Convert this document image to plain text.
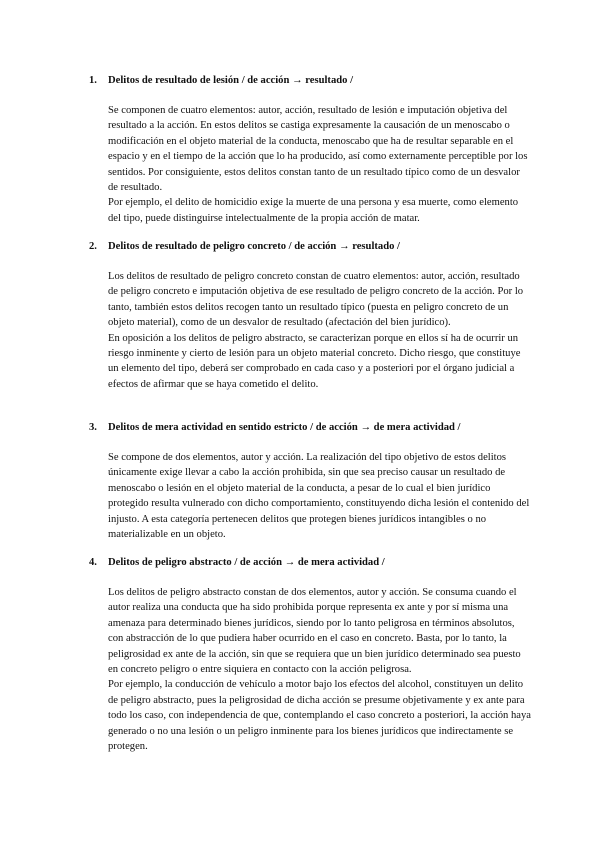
1.	Delitos de resultado de lesión / de acción → resultado /

Se componen de cuatro elementos: autor, acción, resultado de lesión e imputación objetiva del resultado a la acción. En estos delitos se castiga expresamente la causación de un menoscabo o modificación en el objeto material de la conducta, menoscabo que ha de resultar separable en el espacio y en el tiempo de la acción que lo ha producido, así como externamente perceptible por los sentidos. Por consiguiente, estos delitos constan tanto de un resultado típico como de un desvalor de resultado.

Por ejemplo, el delito de homicidio exige la muerte de una persona y esa muerte, como elemento del tipo, puede distinguirse intelectualmente de la propia acción de matar.

2.	Delitos de resultado de peligro concreto / de acción → resultado /

Los delitos de resultado de peligro concreto constan de cuatro elementos: autor, acción, resultado de peligro concreto e imputación objetiva de ese resultado de peligro concreto de la acción. Por lo tanto, también estos delitos recogen tanto un resultado típico (puesta en peligro concreto de un objeto material), como de un desvalor de resultado (afectación del bien jurídico).

En oposición a los delitos de peligro abstracto, se caracterizan porque en ellos sí ha de ocurrir un riesgo inminente y cierto de lesión para un objeto material concreto. Dicho riesgo, que constituye un elemento del tipo, deberá ser comprobado en cada caso y a posteriori por el órgano judicial a efectos de afirmar que se haya cometido el delito.

3.	Delitos de mera actividad en sentido estricto / de acción → de mera actividad /

Se compone de dos elementos, autor y acción. La realización del tipo objetivo de estos delitos únicamente exige llevar a cabo la acción prohibida, sin que sea preciso causar un resultado de menoscabo o lesión en el objeto material de la conducta, a pesar de lo cual el bien jurídico protegido resulta vulnerado con dicho comportamiento, constituyendo dicha lesión el contenido del injusto. A esta categoría pertenecen delitos que protegen bienes jurídicos intangibles o no materializable en un objeto.

4.	Delitos de peligro abstracto / de acción → de mera actividad /

Los delitos de peligro abstracto constan de dos elementos, autor y acción. Se consuma cuando el autor realiza una conducta que ha sido prohibida porque representa ex ante y por sí misma una amenaza para determinado bienes jurídicos, siendo por lo tanto peligrosa en términos absolutos, con abstracción de lo que pudiera haber ocurrido en el caso en concreto. Basta, por lo tanto, la peligrosidad ex ante de la acción, sin que se requiera que un bien jurídico determinado sea puesto en concreto peligro o entre siquiera en contacto con la acción peligrosa.

Por ejemplo, la conducción de vehículo a motor bajo los efectos del alcohol, constituyen un delito de peligro abstracto, pues la peligrosidad de dicha acción se presume objetivamente y ex ante para todo los caso, con independencia de que, contemplando el caso concreto a posteriori, la acción haya generado o no una lesión o un peligro inminente para los bienes jurídicos que indirectamente se protegen.
